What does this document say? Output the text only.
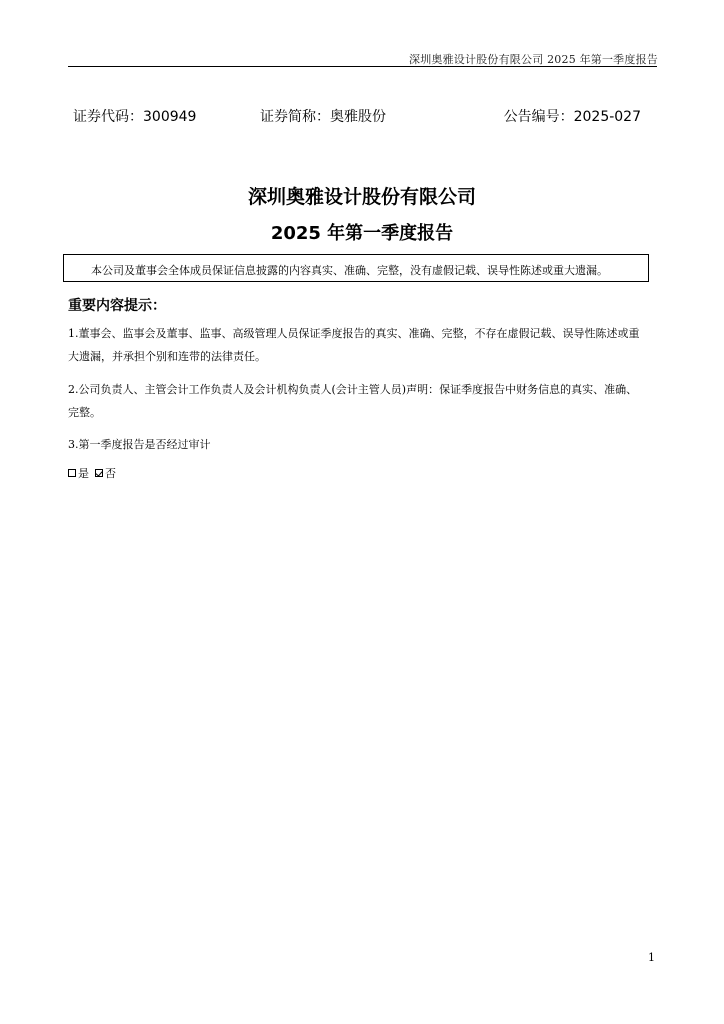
深圳奥雅设计股份有限公司 2025 年第一季度报告
证券代码：300949	证券简称：奥雅股份	公告编号：2025-027
深圳奥雅设计股份有限公司
2025 年第一季度报告
本公司及董事会全体成员保证信息披露的内容真实、准确、完整，没有虚假记载、误导性陈述或重大遗漏。
重要内容提示：
1.董事会、监事会及董事、监事、高级管理人员保证季度报告的真实、准确、完整，不存在虚假记载、误导性陈述或重
大遗漏，并承担个别和连带的法律责任。
2.公司负责人、主管会计工作负责人及会计机构负责人(会计主管人员)声明：保证季度报告中财务信息的真实、准确、
完整。
3.第一季度报告是否经过审计
是 否
1
